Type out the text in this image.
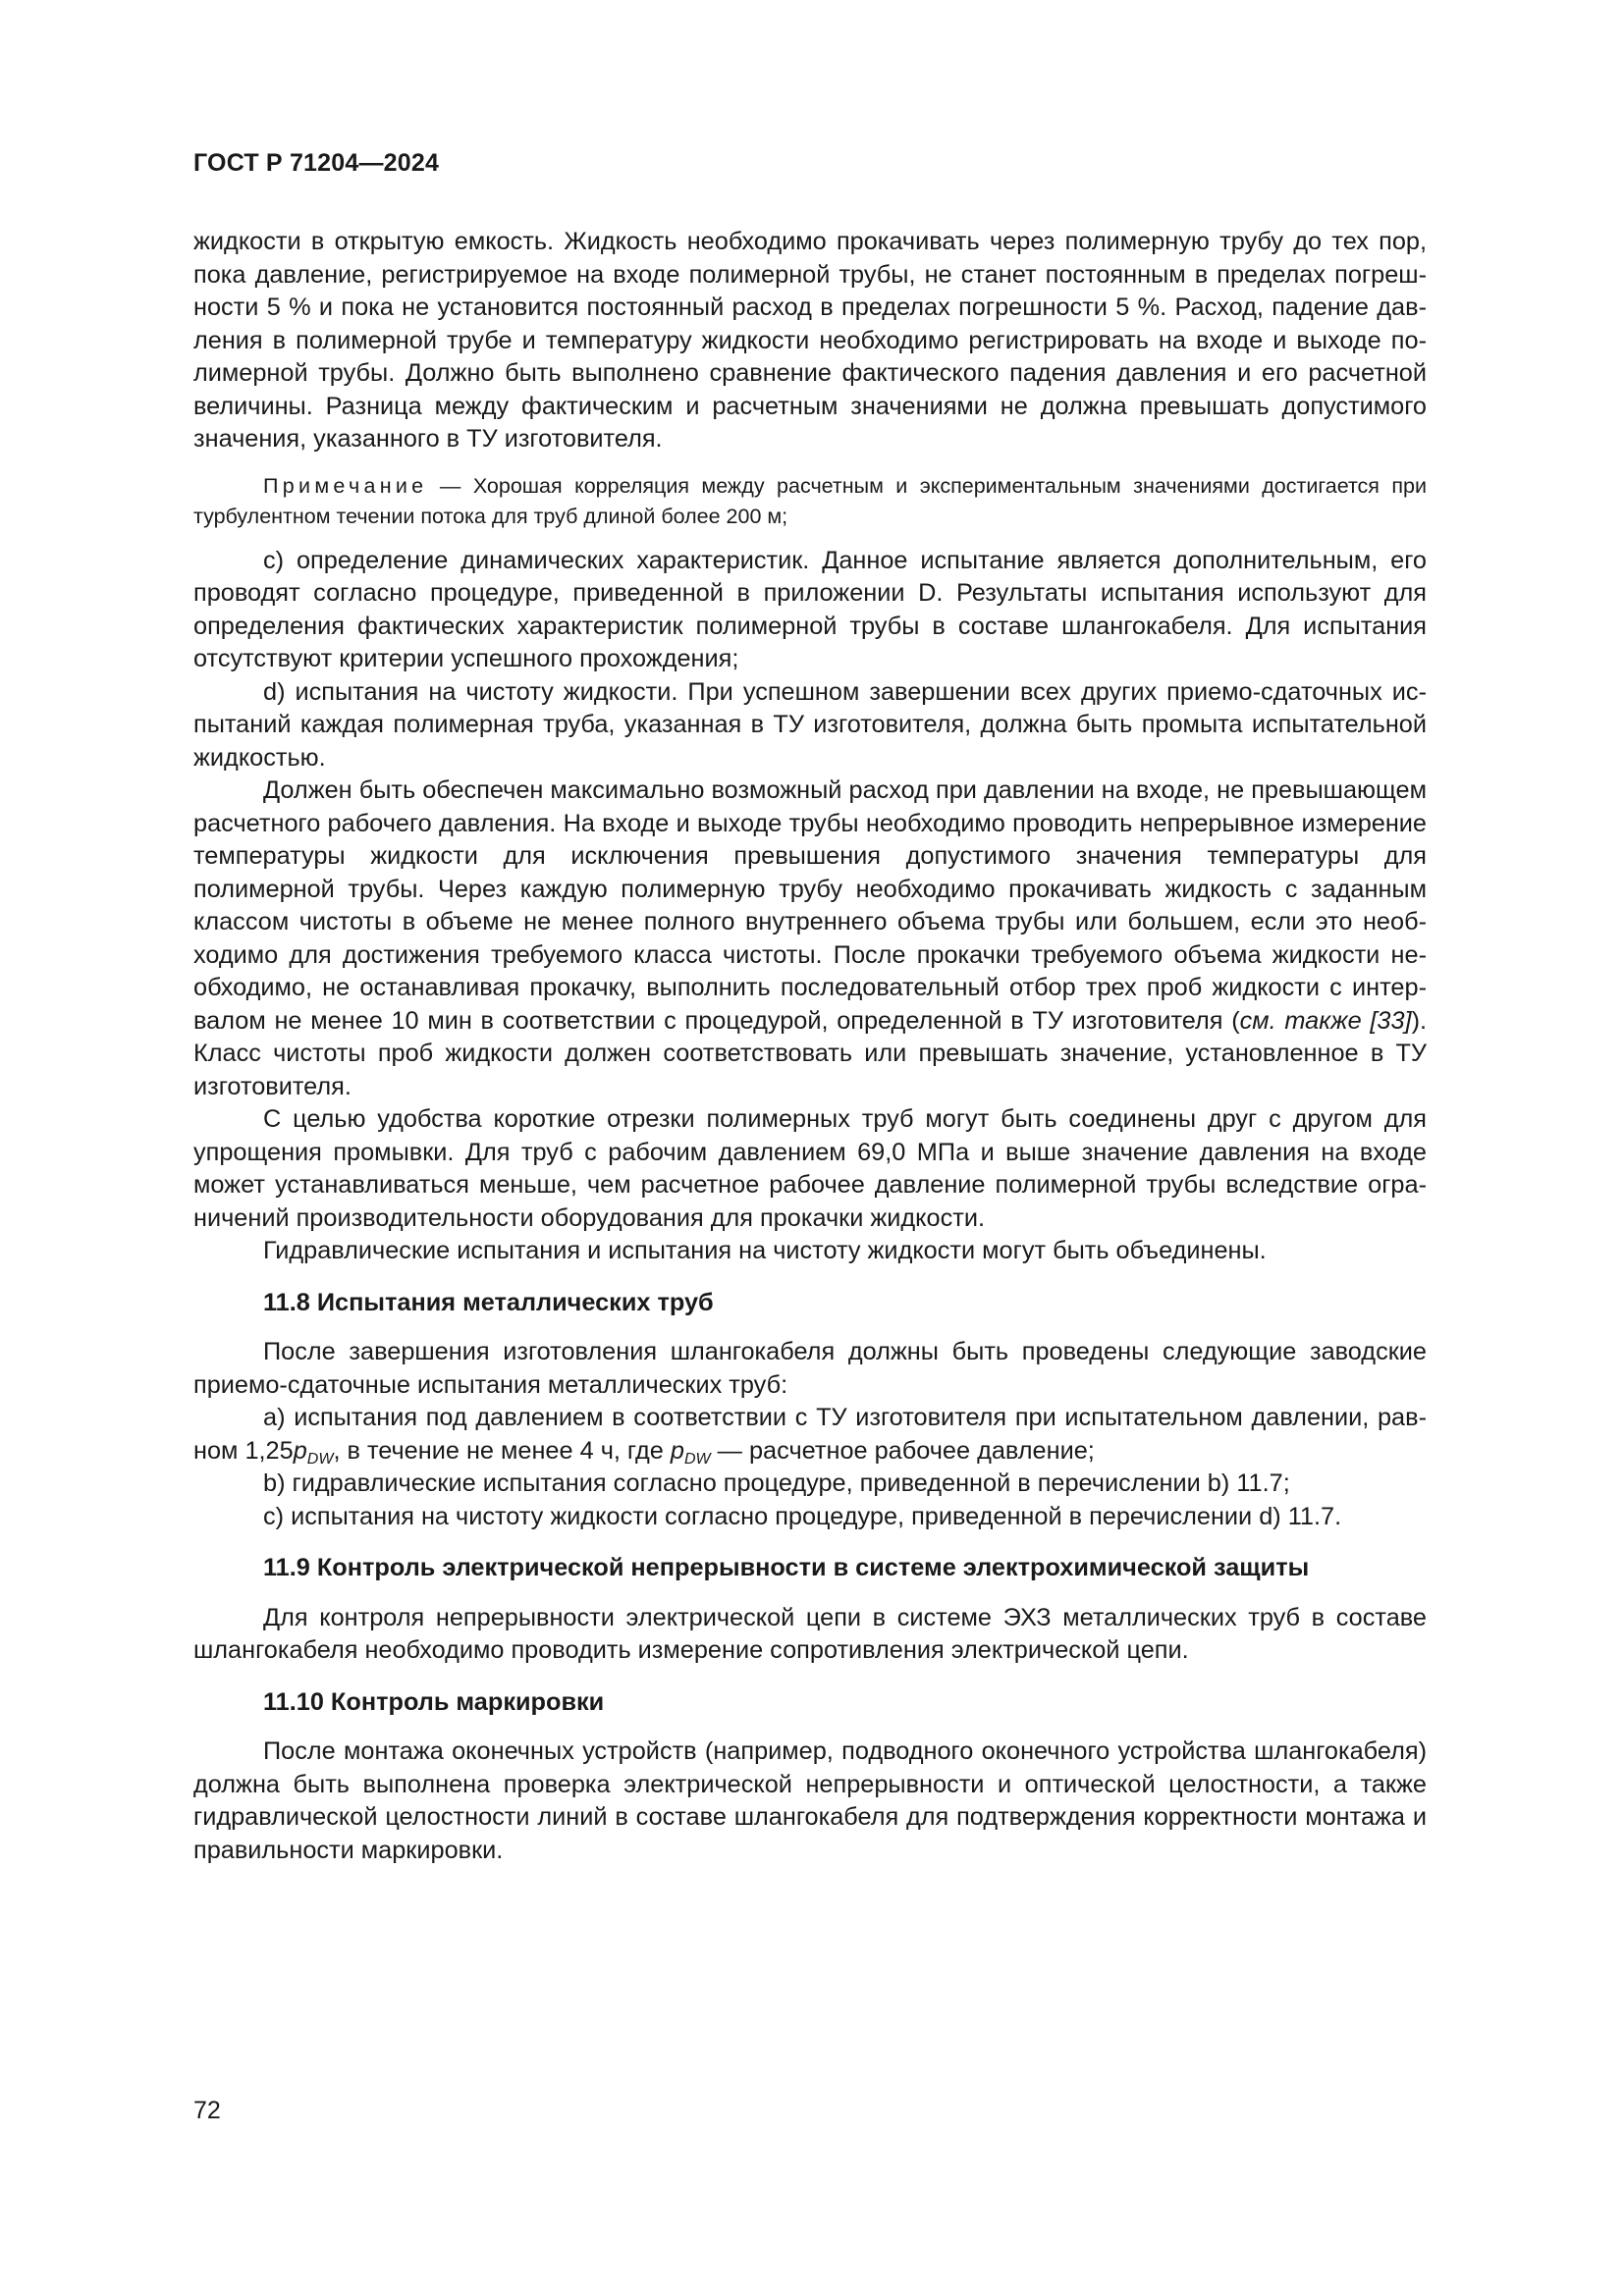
ГОСТ Р 71204—2024

жидкости в открытую емкость. Жидкость необходимо прокачивать через полимерную трубу до тех пор, пока давление, регистрируемое на входе полимерной трубы, не станет постоянным в пределах погрешности 5 % и пока не установится постоянный расход в пределах погрешности 5 %. Расход, падение давления в полимерной трубе и температуру жидкости необходимо регистрировать на входе и выходе полимерной трубы. Должно быть выполнено сравнение фактического падения давления и его расчетной величины. Разница между фактическим и расчетным значениями не должна превышать допустимого значения, указанного в ТУ изготовителя.

Примечание — Хорошая корреляция между расчетным и экспериментальным значениями достигается при турбулентном течении потока для труб длиной более 200 м;

c) определение динамических характеристик. Данное испытание является дополнительным, его проводят согласно процедуре, приведенной в приложении D. Результаты испытания используют для определения фактических характеристик полимерной трубы в составе шлангокабеля. Для испытания отсутствуют критерии успешного прохождения;

d) испытания на чистоту жидкости. При успешном завершении всех других приемо-сдаточных испытаний каждая полимерная труба, указанная в ТУ изготовителя, должна быть промыта испытательной жидкостью.

Должен быть обеспечен максимально возможный расход при давлении на входе, не превышающем расчетного рабочего давления. На входе и выходе трубы необходимо проводить непрерывное измерение температуры жидкости для исключения превышения допустимого значения температуры для полимерной трубы. Через каждую полимерную трубу необходимо прокачивать жидкость с заданным классом чистоты в объеме не менее полного внутреннего объема трубы или большем, если это необходимо для достижения требуемого класса чистоты. После прокачки требуемого объема жидкости необходимо, не останавливая прокачку, выполнить последовательный отбор трех проб жидкости с интервалом не менее 10 мин в соответствии с процедурой, определенной в ТУ изготовителя (см. также [33]). Класс чистоты проб жидкости должен соответствовать или превышать значение, установленное в ТУ изготовителя.

С целью удобства короткие отрезки полимерных труб могут быть соединены друг с другом для упрощения промывки. Для труб с рабочим давлением 69,0 МПа и выше значение давления на входе может устанавливаться меньше, чем расчетное рабочее давление полимерной трубы вследствие ограничений производительности оборудования для прокачки жидкости.

Гидравлические испытания и испытания на чистоту жидкости могут быть объединены.

11.8 Испытания металлических труб

После завершения изготовления шлангокабеля должны быть проведены следующие заводские приемо-сдаточные испытания металлических труб:

a) испытания под давлением в соответствии с ТУ изготовителя при испытательном давлении, равном $1,25p_{DW}$, в течение не менее 4 ч, где $p_{DW}$ — расчетное рабочее давление;

b) гидравлические испытания согласно процедуре, приведенной в перечислении b) 11.7;

c) испытания на чистоту жидкости согласно процедуре, приведенной в перечислении d) 11.7.

11.9 Контроль электрической непрерывности в системе электрохимической защиты

Для контроля непрерывности электрической цепи в системе ЭХЗ металлических труб в составе шлангокабеля необходимо проводить измерение сопротивления электрической цепи.

11.10 Контроль маркировки

После монтажа оконечных устройств (например, подводного оконечного устройства шлангокабеля) должна быть выполнена проверка электрической непрерывности и оптической целостности, а также гидравлической целостности линий в составе шлангокабеля для подтверждения корректности монтажа и правильности маркировки.

72
